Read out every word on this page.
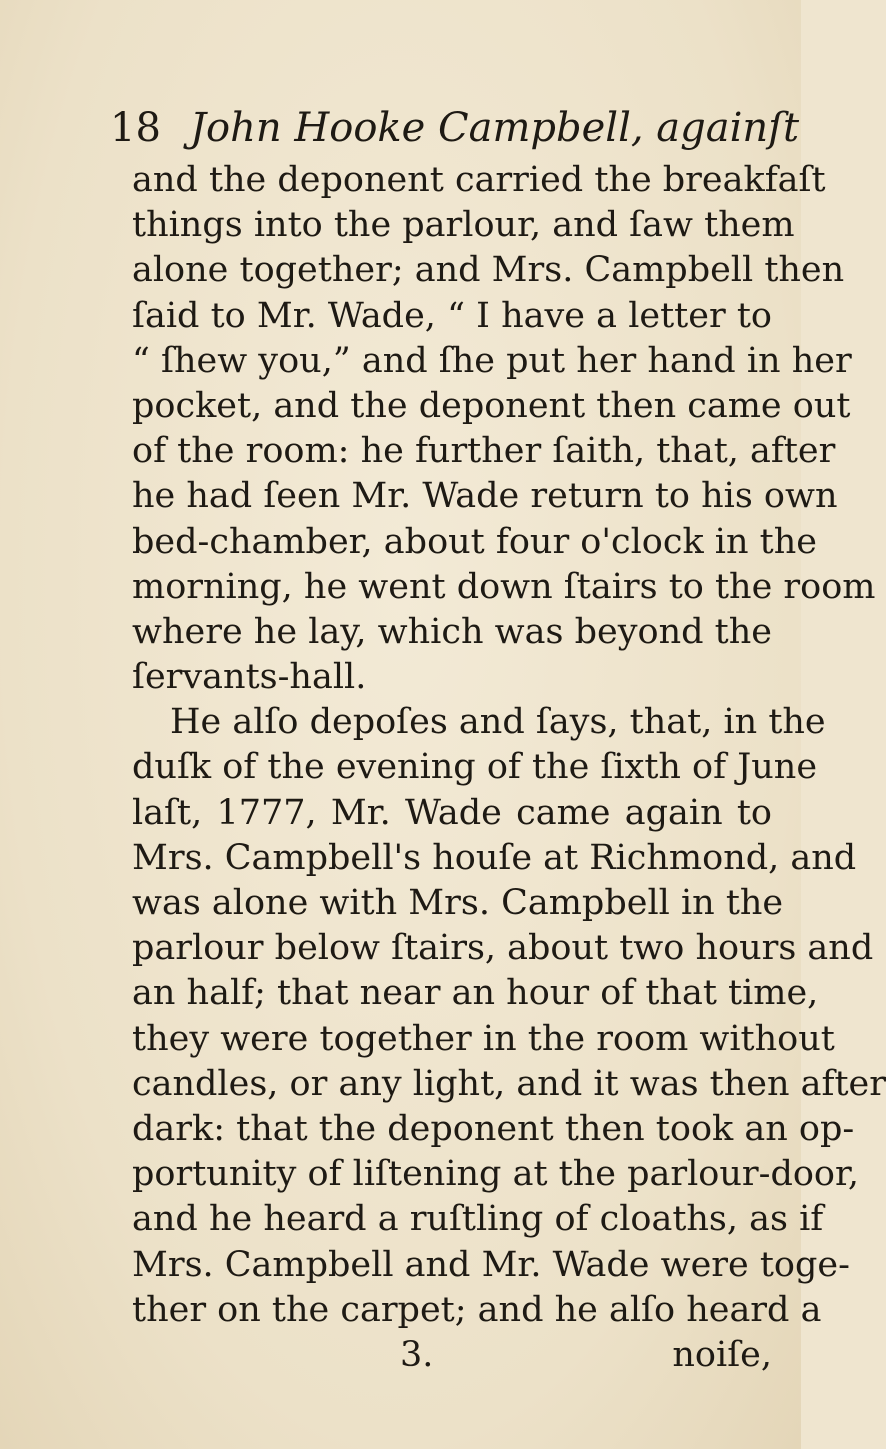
18 John Hooke Campbell, againſt
and the deponent carried the breakfaſt
things into the parlour, and ſaw them
alone together; and Mrs. Campbell then
ſaid to Mr. Wade, “ I have a letter to
“ ſhew you,” and ſhe put her hand in her
pocket, and the deponent then came out
of the room: he further ſaith, that, after
he had ſeen Mr. Wade return to his own
bed-chamber, about four o'clock in the
morning, he went down ſtairs to the room
where he lay, which was beyond the
ſervants-hall.
He alſo depoſes and ſays, that, in the
duſk of the evening of the ſixth of June
laſt, 1777, Mr. Wade came again to
Mrs. Campbell's houſe at Richmond, and
was alone with Mrs. Campbell in the
parlour below ſtairs, about two hours and
an half; that near an hour of that time,
they were together in the room without
candles, or any light, and it was then after
dark: that the deponent then took an op-
portunity of liſtening at the parlour-door,
and he heard a ruſtling of cloaths, as if
Mrs. Campbell and Mr. Wade were toge-
ther on the carpet; and he alſo heard a
3.	noiſe,
